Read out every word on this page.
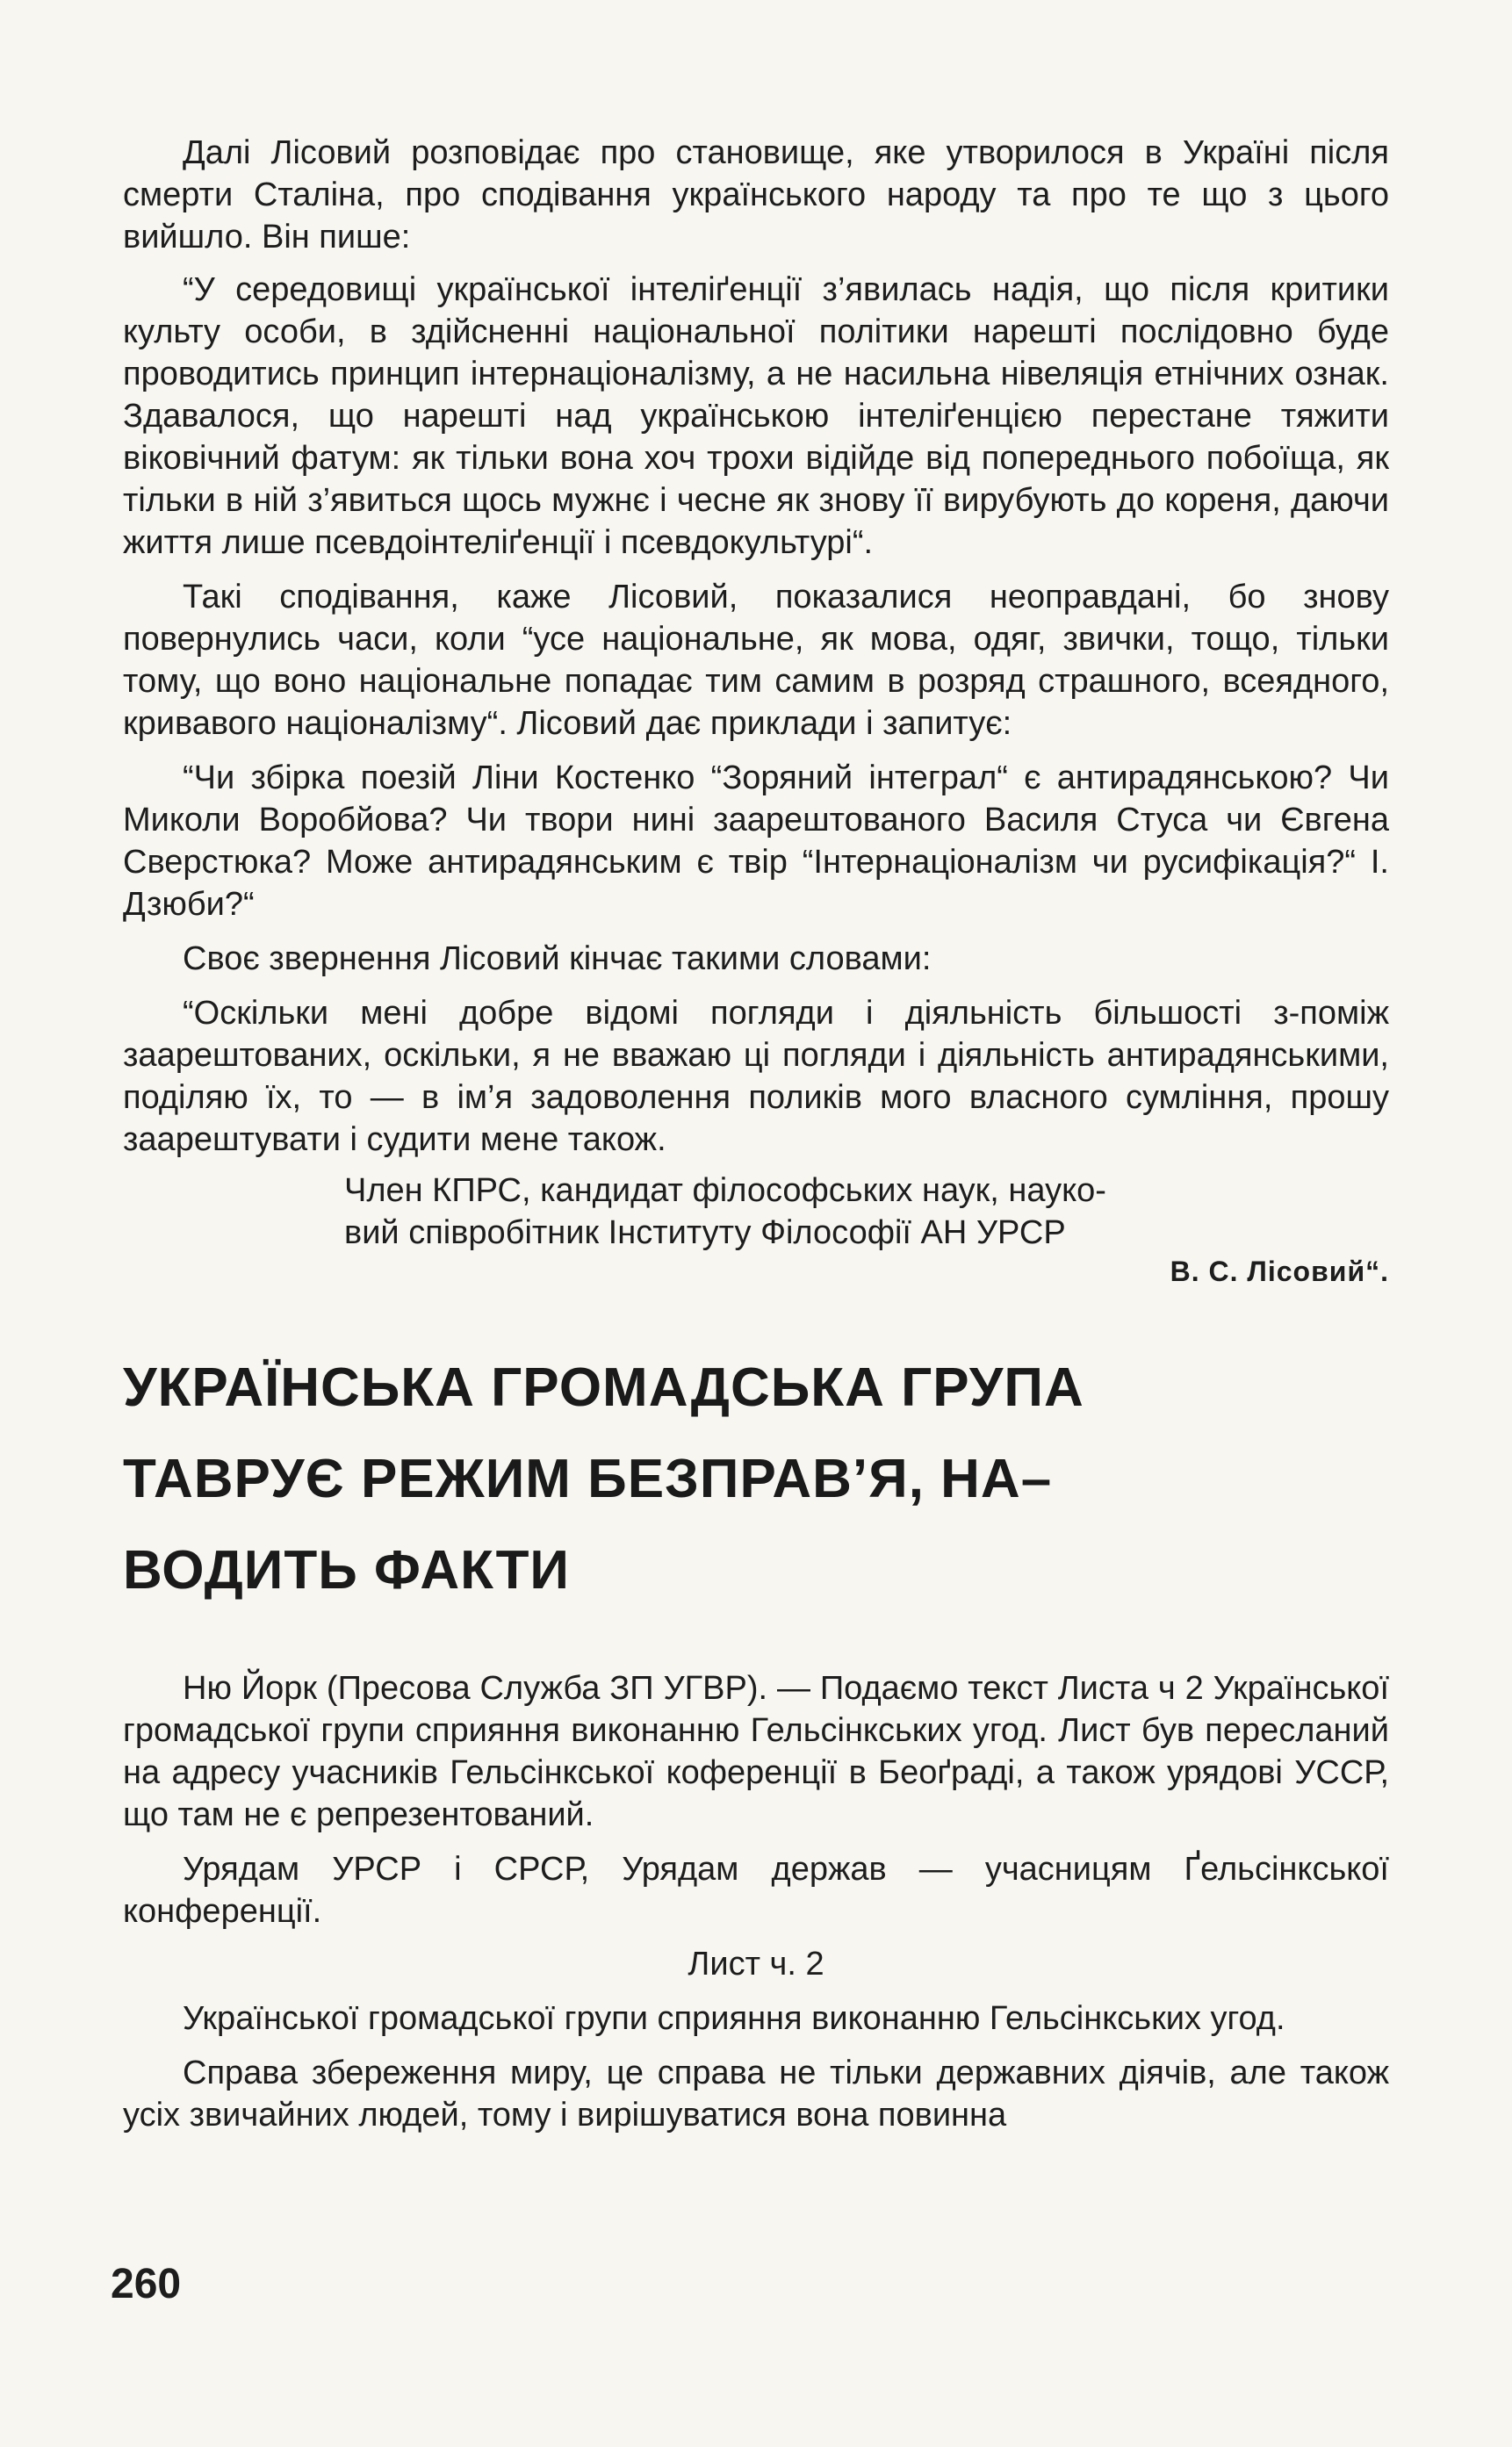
Далі Лісовий розповідає про становище, яке утворилося в Україні після смерти Сталіна, про сподівання українського народу та про те що з цього вийшло. Він пише:

“У середовищі української інтеліґенції з’явилась надія, що після критики культу особи, в здійсненні національної політики нарешті послідовно буде проводитись принцип інтернаціоналізму, а не насильна нівеляція етнічних ознак. Здавалося, що нарешті над українською інтеліґенцією перестане тяжити віковічний фатум: як тільки вона хоч трохи відійде від попереднього побоїща, як тільки в ній з’явиться щось мужнє і чесне як знову її вирубують до кореня, даючи життя лише псевдоінтеліґенції і псевдокультурі“.

Такі сподівання, каже Лісовий, показалися неоправдані, бо знову повернулись часи, коли “усе національне, як мова, одяг, звички, тощо, тільки тому, що воно національне попадає тим самим в розряд страшного, всеядного, кривавого націоналізму“. Лісовий дає приклади і запитує:

“Чи збірка поезій Ліни Костенко “Зоряний інтеграл“ є антирадянською? Чи Миколи Воробйова? Чи твори нині заарештованого Василя Стуса чи Євгена Сверстюка? Може антирадянським є твір “Інтернаціоналізм чи русифікація?“ І. Дзюби?“

Своє звернення Лісовий кінчає такими словами:

“Оскільки мені добре відомі погляди і діяльність більшості з-поміж заарештованих, оскільки, я не вважаю ці погляди і діяльність антирадянськими, поділяю їх, то — в ім’я задоволення поликів мого власного сумління, прошу заарештувати і судити мене також.

Член КПРС, кандидат філософських наук, науко-
вий співробітник Інституту Філософії АН УРСР
В. С. Лісовий“.
УКРАЇНСЬКА ГРОМАДСЬКА ГРУПА
ТАВРУЄ РЕЖИМ БЕЗПРАВ’Я, НА–
ВОДИТЬ ФАКТИ

Ню Йорк (Пресова Служба ЗП УГВР). — Подаємо текст Листа ч 2 Української громадської групи сприяння виконанню Гельсінкських угод. Лист був пересланий на адресу учасників Гельсінкської коференції в Беоґраді, а також урядові УССР, що там не є репрезентований.

Урядам УРСР і СРСР, Урядам держав — учасницям Ґельсінкської конференції.

Лист ч. 2

Української громадської групи сприяння виконанню Гельсінкських угод.

Справа збереження миру, це справа не тільки державних діячів, але також усіх звичайних людей, тому і вирішуватися вона повинна

260
